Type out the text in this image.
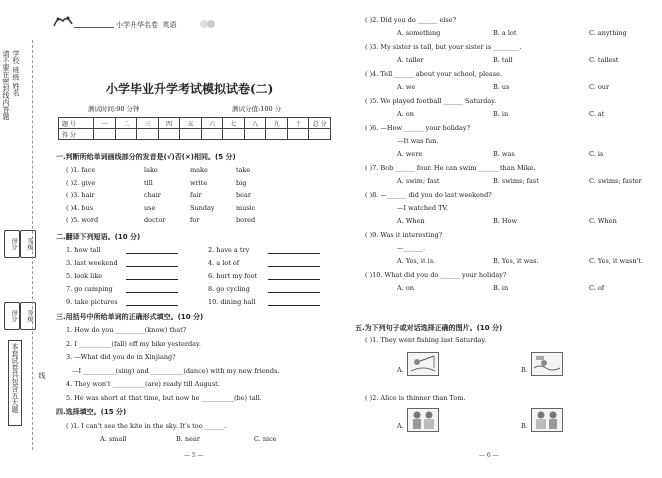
请不要在密封线内答题 学校 班级 姓名
得分	等级
得分	等级
本套试卷共包含五大题	线
小学升华名卷 英语
小学毕业升学考试模拟试卷(二)
测试时间:90 分钟	测试分值:100 分
题 号	一	二	三	四	五	六	七	八	九	十	总 分
得 分											
一.判断所给单词画线部分的发音是(√)否(×)相同。(5 分)
( )1. face	lake	make	take
( )2. give	till	write	big
( )3. hair	chair	fair	bear
( )4. bus	use	Sunday	music
( )5. word	doctor	for	bored
二.翻译下列短语。(10 分)
1. how tall	2. have a try
3. last weekend	4. a lot of
5. look like	6. hurt my foot
7. go camping	8. go cycling
9. take pictures	10. dining hall
三.用括号中所给单词的正确形式填空。(10 分)
1. How do you _________(know) that?
2. I __________(fall) off my bike yesterday.
3. —What did you do in Xinjiang?
—I __________(sing) and __________(dance) with my new friends.
4. They won't __________(are) ready till August.
5. He was short at that time, but now he __________(be) tall.
四.选择填空。(15 分)
( )1. I can't see the kite in the sky. It's too ______.
A. small	B. near	C. nice
— 5 —
( )2. Did you do ______ else?
A. something	B. a lot	C. anything
( )3. My sister is tall, but your sister is ________.
A. taller	B. tall	C. tallest
( )4. Tell ______ about your school, please.
A. we	B. us	C. our
( )5. We played football ______ Saturday.
A. on	B. in	C. at
( )6. —How ______ your holiday?
—It was fun.
A. were	B. was	C. is
( )7. Bob ______ four. He can swim ______ than Mike.
A. swim; fast	B. swims; fast	C. swims; faster
( )8. —______ did you do last weekend?
—I watched TV.
A. When	B. How	C. When
( )9. Was it interesting?
—______.
A. Yes, it is.	B. Yes, it was.	C. Yes, it wasn't.
( )10. What did you do ______ your holiday?
A. on	B. in	C. of
五.为下列句子或对话选择正确的图片。(10 分)
( )1. They went fishing last Saturday.
A.	B.
( )2. Alice is thinner than Tom.
A.	B.
— 6 —
